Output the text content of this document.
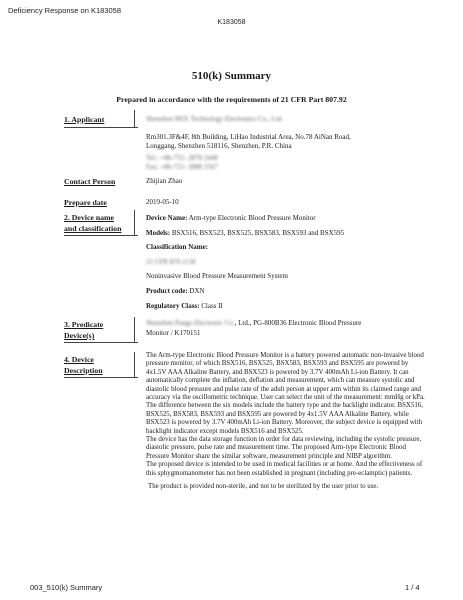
Deficiency Response on K183058
K183058
510(k) Summary
Prepared in accordance with the requirements of 21 CFR Part 807.92
1. Applicant	Shenzhen BSX Technology Electronics Co., Ltd.

Rm301.3F&4F, 8th Building, LiHao Industrial Area, No.78 AiNan Road,

Longgang, Shenzhen 518116, Shenzhen, P.R. China

Tel.: +86-755- 2870 2440

Fax: +86-755- 2888 2567

Contact Person	Zhijian Zhao
Prepare date	2019-05-10
2. Device name
and classification

Device Name: Arm-type Electronic Blood Pressure Monitor

Models: BSX516, BSX523, BSX525, BSX583, BSX593 and BSX595

Classification Name:

21 CFR 870.1130

Noninvasive Blood Pressure Measurement System

Product code: DXN

Regulatory Class: Class II

3. Predicate
Device(s)

Shenzhen Pango Electronic Co., Ltd., PG-800B36 Electronic Blood Pressure

Monitor / K170151

4. Device
Description

The Arm-type Electronic Blood Pressure Monitor is a battery powered automatic non-invasive blood pressure monitor, of which BSX516, BSX525, BSX583, BSX593 and BSX595 are powered by 4x1.5V AAA Alkaline Battery, and BSX523 is powered by 3.7V 400mAh Li-ion Battery. It can automatically complete the inflation, deflation and measurement, which can measure systolic and diastolic blood pressure and pulse rate of the adult person at upper arm within its claimed range and accuracy via the oscillometric technique. User can select the unit of the measurement: mmHg or kPa.

The difference between the six models include the battery type and the backlight indicator. BSX516, BSX525, BSX583, BSX593 and BSX595 are powered by 4x1.5V AAA Alkaline Battery, while BSX523 is powered by 3.7V 400mAh Li-ion Battery. Moreover, the subject device is equipped with backlight indicator except models BSX516 and BSX525.

The device has the data storage function in order for data reviewing, including the systolic pressure, diastolic pressure, pulse rate and measurement time. The proposed Arm-type Electronic Blood Pressure Monitor share the similar software, measurement principle and NIBP algorithm.

The proposed device is intended to be used in medical facilities or at home. And the effectiveness of this sphygmomanometer has not been established in pregnant (including pre-eclamptic) patients.

The product is provided non-sterile, and not to be sterilized by the user prior to use.

003_510(k) Summary	1 / 4
